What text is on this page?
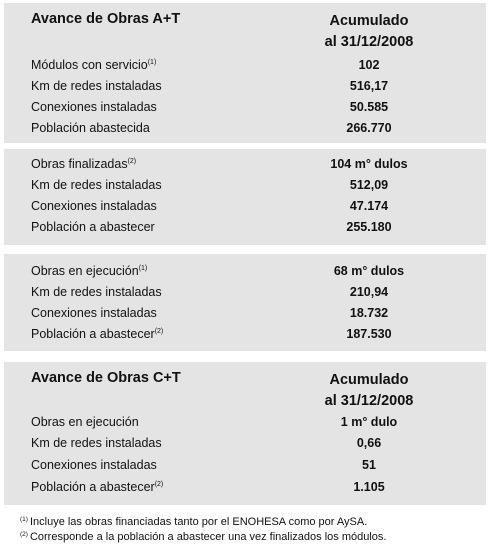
Avance de Obras A+T	Acumulado
al 31/12/2008
Módulos con servicio$^{(1)}$	102
Km de redes instaladas	516,17
Conexiones instaladas	50.585
Población abastecida	266.770
Obras finalizadas$^{(2)}$	104 m° dulos
Km de redes instaladas	512,09
Conexiones instaladas	47.174
Población a abastecer	255.180
Obras en ejecución$^{(1)}$	68 m° dulos
Km de redes instaladas	210,94
Conexiones instaladas	18.732
Población a abastecer$^{(2)}$	187.530
Avance de Obras C+T	Acumulado
al 31/12/2008
Obras en ejecución	1 m° dulo
Km de redes instaladas	0,66
Conexiones instaladas	51
Población a abastecer$^{(2)}$	1.105
$^{(1)}$ Incluye las obras financiadas tanto por el ENOHESA como por AySA.
$^{(2)}$ Corresponde a la población a abastecer una vez finalizados los módulos.
